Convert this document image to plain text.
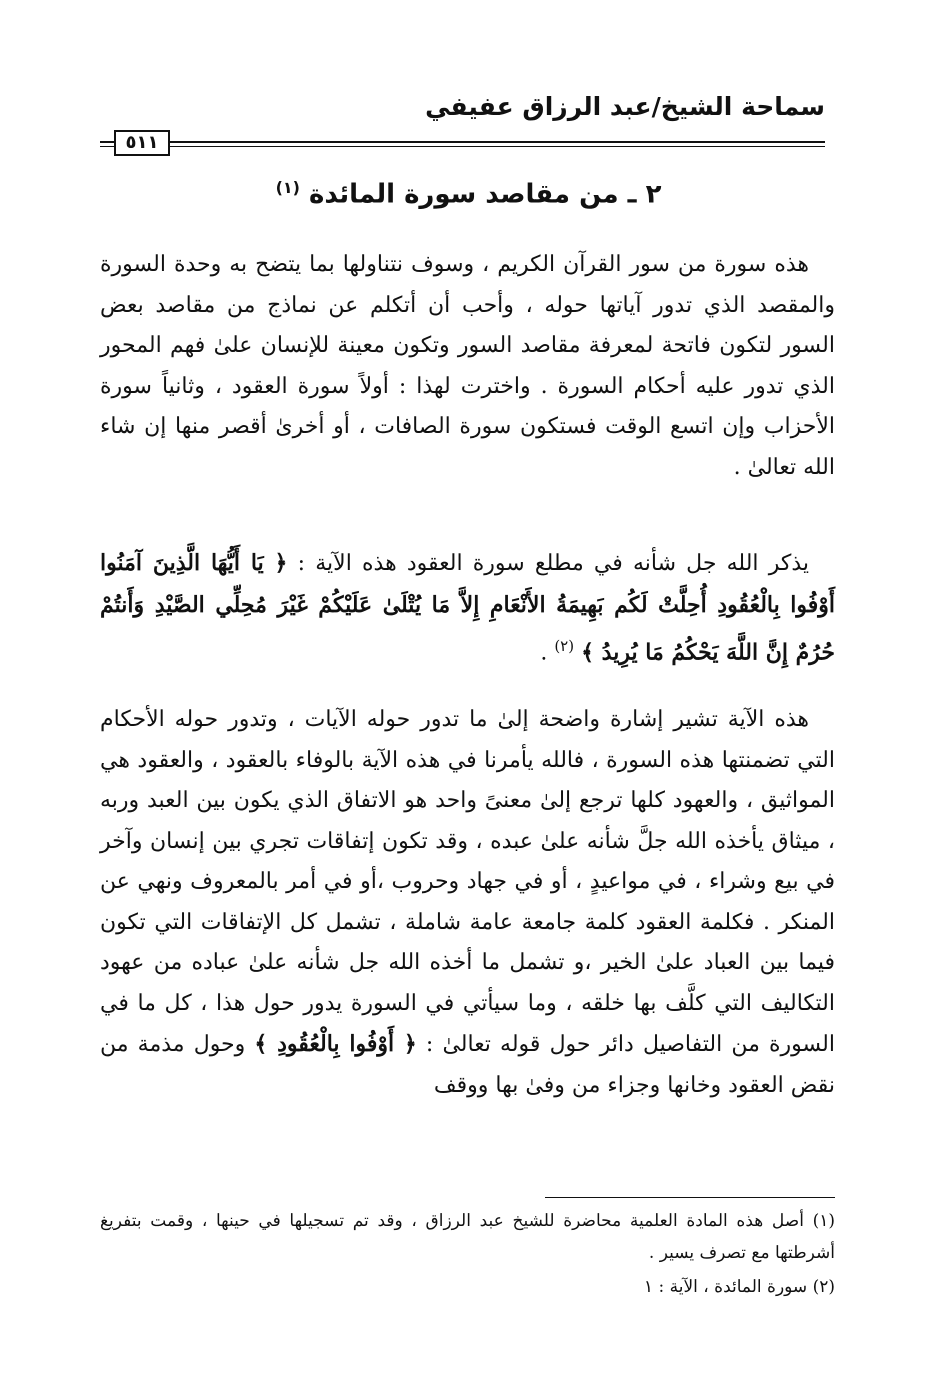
سماحة الشيخ/عبد الرزاق عفيفي
٥١١
٢ ـ من مقاصد سورة المائدة $^{(١)}$

هذه سورة من سور القرآن الكريم ، وسوف نتناولها بما يتضح به وحدة السورة والمقصد الذي تدور آياتها حوله ، وأحب أن أتكلم عن نماذج من مقاصد بعض السور لتكون فاتحة لمعرفة مقاصد السور وتكون معينة للإنسان علىٰ فهم المحور الذي تدور عليه أحكام السورة . واخترت لهذا : أولاً سورة العقود ، وثانياً سورة الأحزاب وإن اتسع الوقت فستكون سورة الصافات ، أو أخرىٰ أقصر منها إن شاء الله تعالىٰ .

يذكر الله جل شأنه في مطلع سورة العقود هذه الآية : ﴿ يَا أَيُّهَا الَّذِينَ آمَنُوا أَوْفُوا بِالْعُقُودِ أُحِلَّتْ لَكُم بَهِيمَةُ الأَنْعَامِ إِلاَّ مَا يُتْلَىٰ عَلَيْكُمْ غَيْرَ مُحِلِّي الصَّيْدِ وَأَنتُمْ حُرُمٌ إِنَّ اللَّهَ يَحْكُمُ مَا يُرِيدُ ﴾ $^{(٢)}$ .

هذه الآية تشير إشارة واضحة إلىٰ ما تدور حوله الآيات ، وتدور حوله الأحكام التي تضمنتها هذه السورة ، فالله يأمرنا في هذه الآية بالوفاء بالعقود ، والعقود هي المواثيق ، والعهود كلها ترجع إلىٰ معنىً واحد هو الاتفاق الذي يكون بين العبد وربه ، ميثاق يأخذه الله جلَّ شأنه علىٰ عبده ، وقد تكون إتفاقات تجري بين إنسان وآخر في بيع وشراء ، في مواعيدٍ ، أو في جهاد وحروب ،أو في أمر بالمعروف ونهي عن المنكر . فكلمة العقود كلمة جامعة عامة شاملة ، تشمل كل الإتفاقات التي تكون فيما بين العباد علىٰ الخير ،و تشمل ما أخذه الله جل شأنه علىٰ عباده من عهود التكاليف التي كلَّف بها خلقه ، وما سيأتي في السورة يدور حول هذا ، كل ما في السورة من التفاصيل دائر حول قوله تعالىٰ : ﴿ أَوْفُوا بِالْعُقُودِ ﴾ وحول مذمة من نقض العقود وخانها وجزاء من وفىٰ بها ووقف

(١) أصل هذه المادة العلمية محاضرة للشيخ عبد الرزاق ، وقد تم تسجيلها في حينها ، وقمت بتفريغ أشرطتها مع تصرف يسير .

(٢) سورة المائدة ، الآية : ١
